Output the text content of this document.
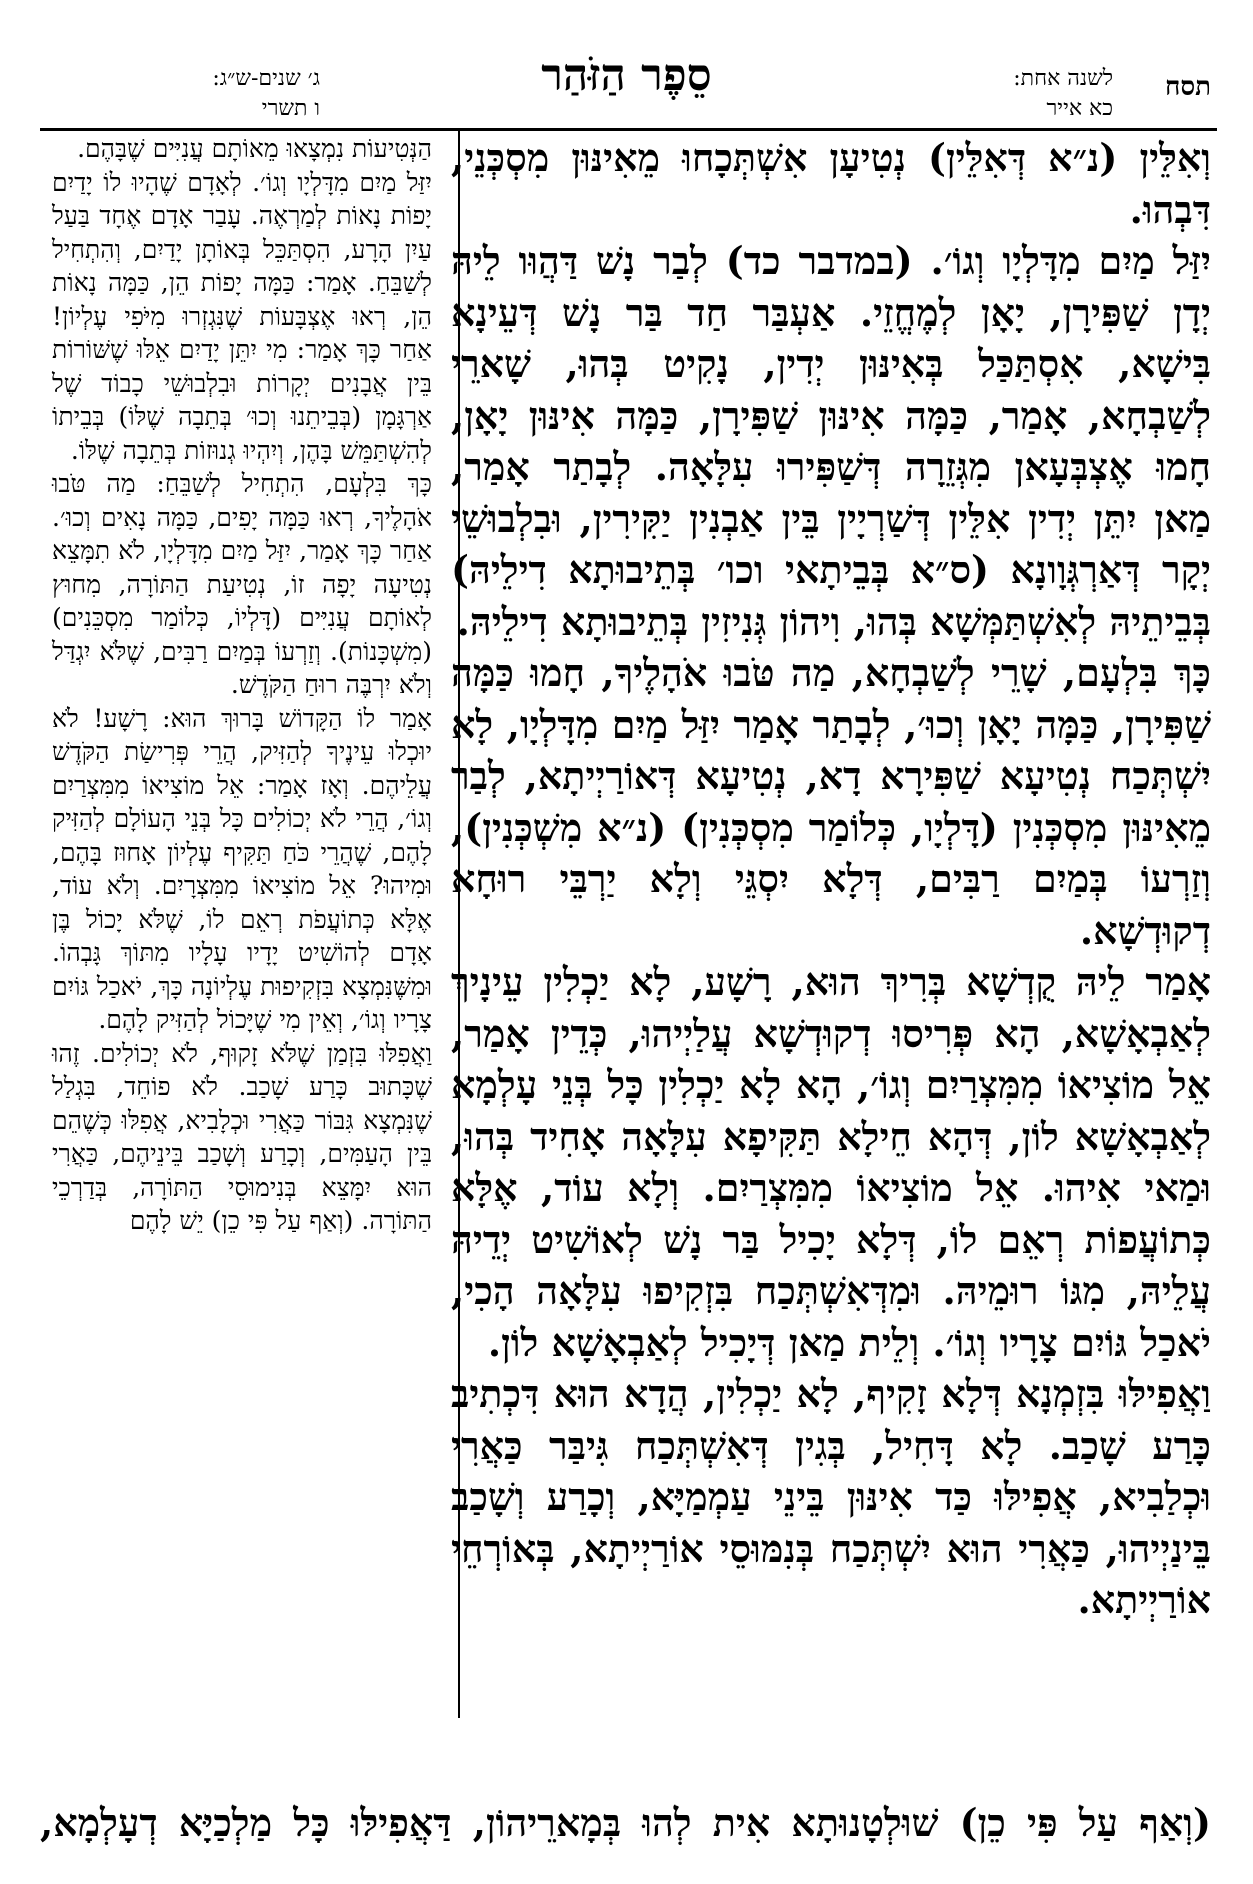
תסח
לשנה אחת:
כא אייר
סֵפֶר הַזֹּהַר
ג׳ שנים-ש״ג:
ו תשרי

וְאִלֵּין (נ״א דְּאִלֵּין) נְטִיעָן אִשְׁתְּכָחוּ מֵאִינּוּן מִסְכְּנֵי, דִּבְהוּ.

יִזַּל מַיִם מִדָּלְיָו וְגוֹ׳. (במדבר כד) לְבַר נָשׁ דַּהֲוּו לֵיהּ יְדָן שַׁפִּירָן, יָאָן לְמֶחֱזֵי. אַעְבַּר חַד בַּר נָשׁ דְּעֵינָא בִּישָׁא, אִסְתַּכַּל בְּאִינּוּן יְדִין, נָקִיט בְּהוּ, שָׁארֵי לְשַׁבְחָא, אָמַר, כַּמָּה אִינּוּן שַׁפִּירָן, כַּמָּה אִינּוּן יָאָן, חָמוּ אֶצְבְּעָאן מִגְּזֵרָה דְּשַׁפִּירוּ עִלָּאָה. לְבָתַר אָמַר, מַאן יִתֵּן יְדִין אִלֵּין דְּשַׁרְיָין בֵּין אַבְנִין יַקִּירִין, וּבִלְבוּשֵׁי יְקָר דְּאַרְגְּוָונָא (ס״א בְּבֵיתָאי וכו׳ בְּתֵיבוּתָא דִילֵיהּ) בְּבֵיתֵיהּ לְאִשְׁתַּמְּשָׁא בְּהוּ, וִיהוֹן גְּנִיזִין בְּתֵיבוּתָא דִילֵיהּ.

כָּךְ בִּלְעָם, שָׁרֵי לְשַׁבְחָא, מַה טֹּבוּ אֹהָלֶיךָ, חָמוּ כַּמָּה שַׁפִּירָן, כַּמָּה יָאָן וְכוּ׳, לְבָתַר אָמַר יִזַּל מַיִם מִדָּלְיָו, לָא יִשְׁתְּכַח נְטִיעָא שַׁפִּירָא דָא, נְטִיעָא דְּאוֹרַיְיתָא, לְבַר מֵאִינּוּן מִסְכְּנִין (דָּלְיָו, כְּלוֹמַר מִסְכְּנִין) (נ״א מִשְׁכְּנִין), וְזַרְעוֹ בְּמַיִם רַבִּים, דְּלָא יִסְגֵּי וְלָא יַרְבֵּי רוּחָא דְקוּדְשָׁא.

אָמַר לֵיהּ קֻדְשָׁא בְּרִיךְ הוּא, רָשָׁע, לָא יַכְלִין עֵינָיךְ לְאַבְאָשָׁא, הָא פְּרִיסוּ דְקוּדְשָׁא עֲלַיְיהוּ, כְּדֵין אָמַר, אֵל מוֹצִיאוֹ מִמִּצְרַיִם וְגוֹ׳, הָא לָא יַכְלִין כָּל בְּנֵי עָלְמָא לְאַבְאָשָׁא לוֹן, דְּהָא חֵילָא תַּקִּיפָא עִלָּאָה אָחִיד בְּהוּ, וּמַאי אִיהוּ. אֵל מוֹצִיאוֹ מִמִּצְרַיִם. וְלָא עוֹד, אֶלָּא כְּתוֹעֲפוֹת רְאֵם לוֹ, דְּלָא יָכִיל בַּר נָשׁ לְאוֹשִׁיט יְדֵיהּ עֲלֵיהּ, מִגּוֹ רוּמֵיהּ. וּמִדְּאִשְׁתְּכַח בִּזְקִיפוּ עִלָּאָה הָכִי, יֹאכַל גּוֹיִם צָרָיו וְגוֹ׳. וְלֵית מַאן דְּיָכִיל לְאַבְאָשָׁא לוֹן.

וַאֲפִילּוּ בִּזְמְנָא דְּלָא זָקִיף, לָא יַכְלִין, הֲדָא הוּא דִּכְתִיב כָּרַע שָׁכַב. לָא דָּחִיל, בְּגִין דְּאִשְׁתְּכַח גִּיבַּר כַּאֲרִי וּכְלַבִיא, אֲפִילּוּ כַּד אִינּוּן בֵּינֵי עַמְמַיָּא, וְכָרַע וְשָׁכַב בֵּינַיְיהוּ, כַּאֲרִי הוּא יִשְׁתְּכַח בְּנִמּוּסֵי אוֹרַיְיתָא, בְּאוֹרְחֵי אוֹרַיְיתָא.

הַנְּטִיעוֹת נִמְצָאוּ מֵאוֹתָם עֲנִיִּים שֶׁבָּהֶם.

יִזַּל מַיִם מִדָּלְיָו וְגוֹ׳. לְאָדָם שֶׁהָיוּ לוֹ יָדַיִם יָפוֹת נָאוֹת לְמַרְאֶה. עָבַר אָדָם אֶחָד בַּעַל עַיִן הָרָע, הִסְתַּכֵּל בְּאוֹתָן יָדַיִם, וְהִתְחִיל לְשַׁבֵּחַ. אָמַר: כַּמָּה יָפוֹת הֵן, כַּמָּה נָאוֹת הֵן, רְאוּ אֶצְבָּעוֹת שֶׁנִּגְזְרוּ מִיֹּפִי עֶלְיוֹן! אַחַר כָּךְ אָמַר: מִי יִתֵּן יָדַיִם אֵלּוּ שֶׁשּׁוֹרוֹת בֵּין אֲבָנִים יְקָרוֹת וּבִלְבוּשֵׁי כָבוֹד שֶׁל אַרְגָּמָן (בְּבֵיתֵנוּ וְכוּ׳ בְּתֵבָה שֶׁלּוֹ) בְּבֵיתוֹ לְהִשְׁתַּמֵּשׁ בָּהֶן, וְיִהְיוּ גְנוּזוֹת בְּתֵבָה שֶׁלּוֹ.

כָּךְ בִּלְעָם, הִתְחִיל לְשַׁבֵּחַ: מַה טֹּבוּ אֹהָלֶיךָ, רְאוּ כַּמָּה יָפִים, כַּמָּה נָאִים וְכוּ׳. אַחַר כָּךְ אָמַר, יִזַּל מַיִם מִדָּלְיָו, לֹא תִמָּצֵא נְטִיעָה יָפָה זוֹ, נְטִיעַת הַתּוֹרָה, מִחוּץ לְאוֹתָם עֲנִיִּים (דָּלְיוֹ, כְּלוֹמַר מִסְכֵּנִים) (מִשְׁכָּנוֹת). וְזַרְעוֹ בְּמַיִם רַבִּים, שֶׁלֹּא יִגְדַּל וְלֹא יִרְבֶּה רוּחַ הַקֹּדֶשׁ.

אָמַר לוֹ הַקָּדוֹשׁ בָּרוּךְ הוּא: רָשָׁע! לֹא יוּכְלוּ עֵינֶיךָ לְהַזִּיק, הֲרֵי פְּרִישַׂת הַקֹּדֶשׁ עֲלֵיהֶם. וְאָז אָמַר: אֵל מוֹצִיאוֹ מִמִּצְרַיִם וְגוֹ׳, הֲרֵי לֹא יְכוֹלִים כָּל בְּנֵי הָעוֹלָם לְהַזִּיק לָהֶם, שֶׁהֲרֵי כֹּחַ תַּקִּיף עֶלְיוֹן אָחוּז בָּהֶם, וּמִיהוּ? אֵל מוֹצִיאוֹ מִמִּצְרָיִם. וְלֹא עוֹד, אֶלָּא כְּתוֹעֲפֹת רְאֵם לוֹ, שֶׁלֹּא יָכוֹל בֶּן אָדָם לְהוֹשִׁיט יָדָיו עָלָיו מִתּוֹךְ גָּבְהוֹ. וּמִשֶּׁנִּמְצָא בִּזְקִיפוּת עֶלְיוֹנָה כָּךְ, יֹאכַל גּוֹיִם צָרָיו וְגוֹ׳, וְאֵין מִי שֶׁיָּכוֹל לְהַזִּיק לָהֶם.

וַאֲפִלּוּ בִּזְמַן שֶׁלֹּא זָקוּף, לֹא יְכוֹלִים. זֶהוּ שֶׁכָּתוּב כָּרַע שָׁכַב. לֹא פוֹחֵד, בִּגְלַל שֶׁנִּמְצָא גִּבּוֹר כַּאֲרִי וּכְלָבִיא, אֲפִלּוּ כְּשֶׁהֵם בֵּין הָעַמִּים, וְכָרַע וְשָׁכַב בֵּינֵיהֶם, כַּאֲרִי הוּא יִמָּצֵא בְּנִימוּסֵי הַתּוֹרָה, בְּדַרְכֵי הַתּוֹרָה. (וְאַף עַל פִּי כֵן) יֵשׁ לָהֶם

(וְאַף עַל פִּי כֵן) שׁוּלְטָנוּתָא אִית לְהוּ בְּמָארֵיהוֹן, דַּאֲפִילּוּ כָּל מַלְכַיָּא דְעָלְמָא,
